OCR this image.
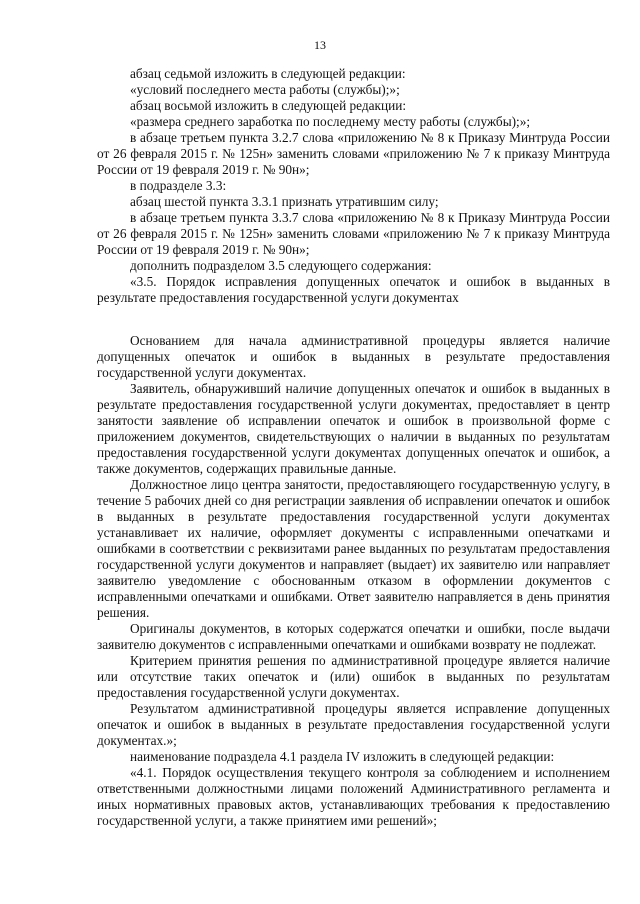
13

абзац седьмой изложить в следующей редакции:

«условий последнего места работы (службы);»;

абзац восьмой изложить в следующей редакции:

«размера среднего заработка по последнему месту работы (службы);»;

в абзаце третьем пункта 3.2.7 слова «приложению № 8 к Приказу Минтруда России от 26 февраля 2015 г. № 125н» заменить словами «приложению № 7 к приказу Минтруда России от 19 февраля 2019 г. № 90н»;

в подразделе 3.3:

абзац шестой пункта 3.3.1 признать утратившим силу;

в абзаце третьем пункта 3.3.7 слова «приложению № 8 к Приказу Минтруда России от 26 февраля 2015 г. № 125н» заменить словами «приложению № 7 к приказу Минтруда России от 19 февраля 2019 г. № 90н»;

дополнить подразделом 3.5 следующего содержания:

«3.5. Порядок исправления допущенных опечаток и ошибок в выданных в результате предоставления государственной услуги документах

Основанием для начала административной процедуры является наличие допущенных опечаток и ошибок в выданных в результате предоставления государственной услуги документах.

Заявитель, обнаруживший наличие допущенных опечаток и ошибок в выданных в результате предоставления государственной услуги документах, предоставляет в центр занятости заявление об исправлении опечаток и ошибок в произвольной форме с приложением документов, свидетельствующих о наличии в выданных по результатам предоставления государственной услуги документах допущенных опечаток и ошибок, а также документов, содержащих правильные данные.

Должностное лицо центра занятости, предоставляющего государственную услугу, в течение 5 рабочих дней со дня регистрации заявления об исправлении опечаток и ошибок в выданных в результате предоставления государственной услуги документах устанавливает их наличие, оформляет документы с исправленными опечатками и ошибками в соответствии с реквизитами ранее выданных по результатам предоставления государственной услуги документов и направляет (выдает) их заявителю или направляет заявителю уведомление с обоснованным отказом в оформлении документов с исправленными опечатками и ошибками. Ответ заявителю направляется в день принятия решения.

Оригиналы документов, в которых содержатся опечатки и ошибки, после выдачи заявителю документов с исправленными опечатками и ошибками возврату не подлежат.

Критерием принятия решения по административной процедуре является наличие или отсутствие таких опечаток и (или) ошибок в выданных по результатам предоставления государственной услуги документах.

Результатом административной процедуры является исправление допущенных опечаток и ошибок в выданных в результате предоставления государственной услуги документах.»;

наименование подраздела 4.1 раздела IV изложить в следующей редакции:

«4.1. Порядок осуществления текущего контроля за соблюдением и исполнением ответственными должностными лицами положений Административного регламента и иных нормативных правовых актов, устанавливающих требования к предоставлению государственной услуги, а также принятием ими решений»;
